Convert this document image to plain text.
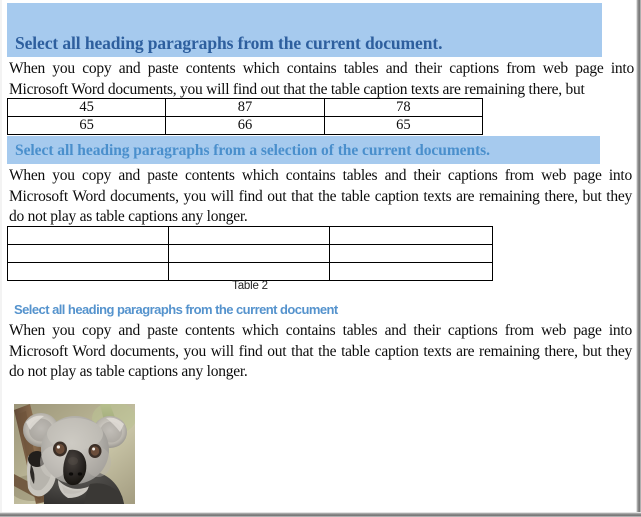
Select all heading paragraphs from the current document.
When you copy and paste contents which contains tables and their captions from web page into Microsoft Word documents, you will find out that the table caption texts are remaining there, but
45	87	78
65	66	65
Select all heading paragraphs from a selection of the current documents.
When you copy and paste contents which contains tables and their captions from web page into Microsoft Word documents, you will find out that the table caption texts are remaining there, but they do not play as table captions any longer.

Table 2
Select all heading paragraphs from the current document
When you copy and paste contents which contains tables and their captions from web page into Microsoft Word documents, you will find out that the table caption texts are remaining there, but they do not play as table captions any longer.
